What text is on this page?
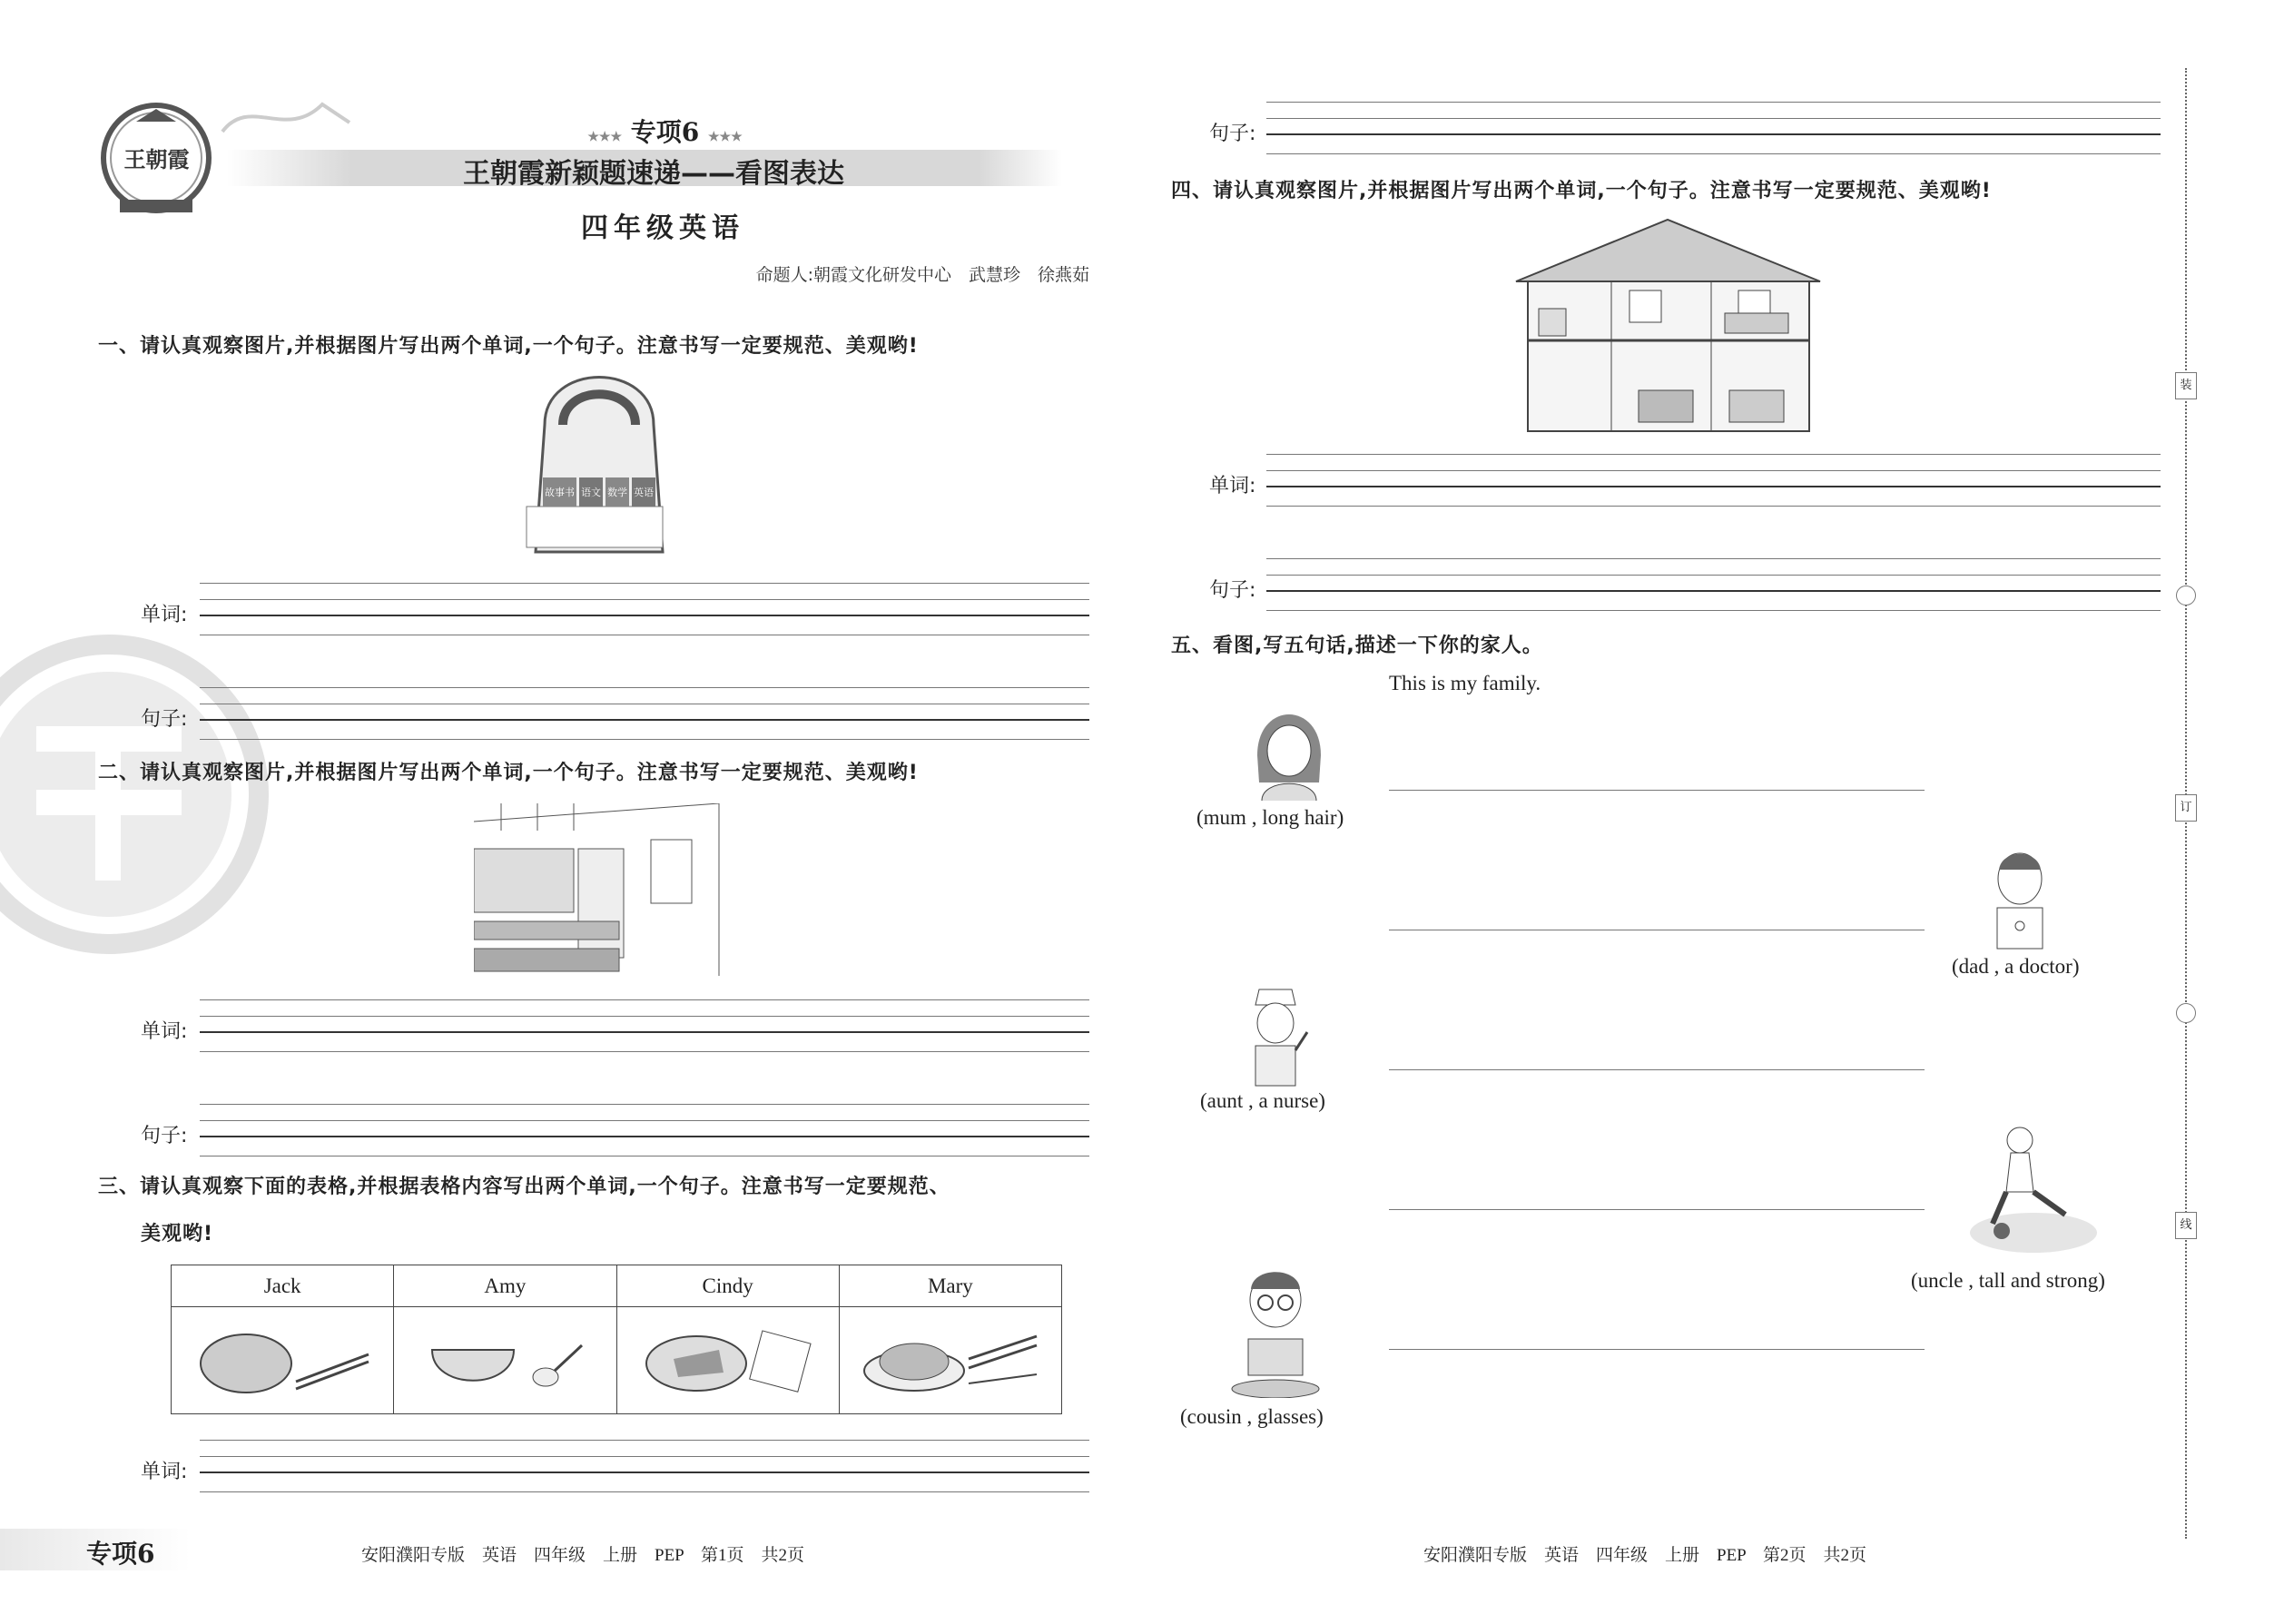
王朝霞
★★★ 专项6 ★★★
王朝霞新颖题速递——看图表达
四年级英语
命题人:朝霞文化研发中心　武慧珍　徐燕茹
一、请认真观察图片,并根据图片写出两个单词,一个句子。注意书写一定要规范、美观哟!
故事书 语文 数学 英语
单词:
句子:
二、请认真观察图片,并根据图片写出两个单词,一个句子。注意书写一定要规范、美观哟!
单词:
句子:
三、请认真观察下面的表格,并根据表格内容写出两个单词,一个句子。注意书写一定要规范、
美观哟!
Jack	Amy	Cindy	Mary

单词:
专项6	安阳濮阳专版　英语　四年级　上册　PEP　第1页　共2页
句子:
四、请认真观察图片,并根据图片写出两个单词,一个句子。注意书写一定要规范、美观哟!
单词:
句子:
五、看图,写五句话,描述一下你的家人。
This is my family.
(mum , long hair)
(dad , a doctor)
(aunt , a nurse)
(uncle , tall and strong)
(cousin , glasses)
安阳濮阳专版　英语　四年级　上册　PEP　第2页　共2页
装
订
线
